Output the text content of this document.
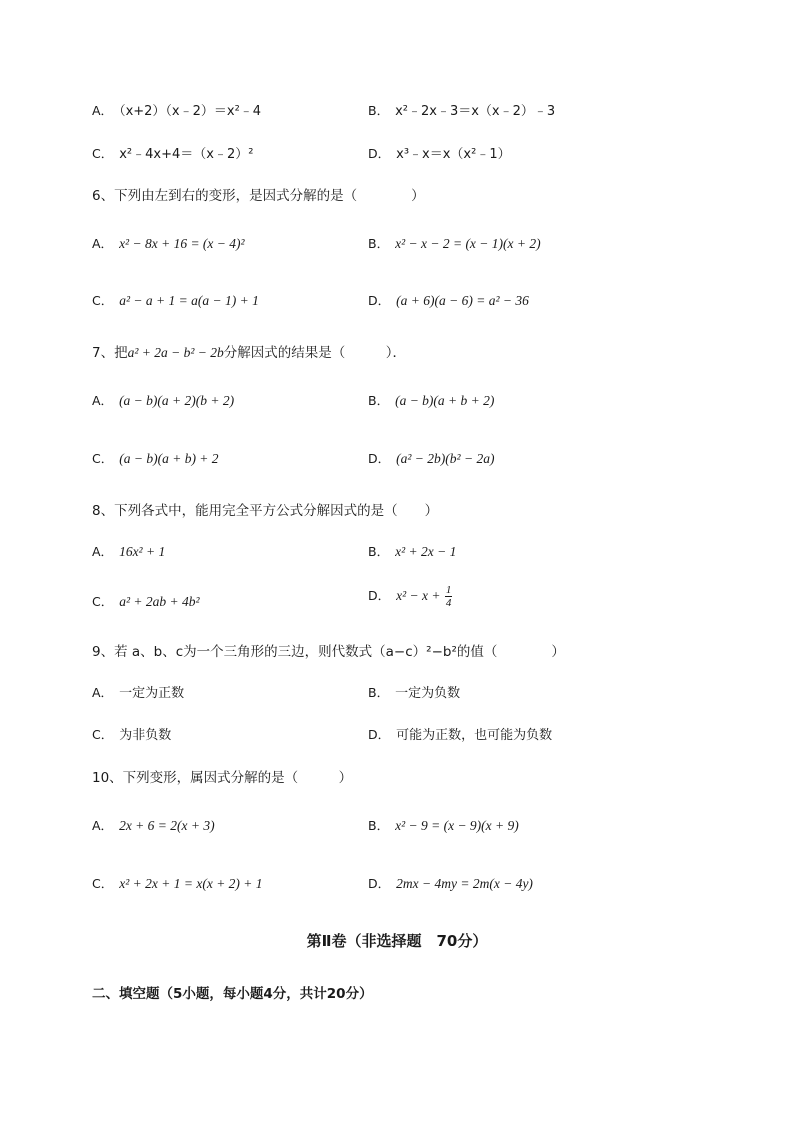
A． （x+2）（x﹣2）＝x²﹣4	B． x²﹣2x﹣3＝x（x﹣2）﹣3
C． x²﹣4x+4＝（x﹣2）²	D． x³﹣x＝x（x²﹣1）
6、下列由左到右的变形，是因式分解的是（　　　　）
A． x² − 8x + 16 = (x − 4)²	B． x² − x − 2 = (x − 1)(x + 2)
C． a² − a + 1 = a(a − 1) + 1	D． (a + 6)(a − 6) = a² − 36
7、把a² + 2a − b² − 2b分解因式的结果是（　　　）．
A． (a − b)(a + 2)(b + 2)	B． (a − b)(a + b + 2)
C． (a − b)(a + b) + 2	D． (a² − 2b)(b² − 2a)
8、下列各式中，能用完全平方公式分解因式的是（　　）
A． 16x² + 1	B． x² + 2x − 1
C． a² + 2ab + 4b²	D． $x^2 - x + \frac{1}{4}$
9、若 a、b、c为一个三角形的三边，则代数式（a−c）²−b²的值（　　　　）
A． 一定为正数	B． 一定为负数
C． 为非负数	D． 可能为正数，也可能为负数
10、下列变形，属因式分解的是（　　　）
A． 2x + 6 = 2(x + 3)	B． x² − 9 = (x − 9)(x + 9)
C． x² + 2x + 1 = x(x + 2) + 1	D． 2mx − 4my = 2m(x − 4y)
第Ⅱ卷（非选择题　70分）
二、填空题（5小题，每小题4分，共计20分）
